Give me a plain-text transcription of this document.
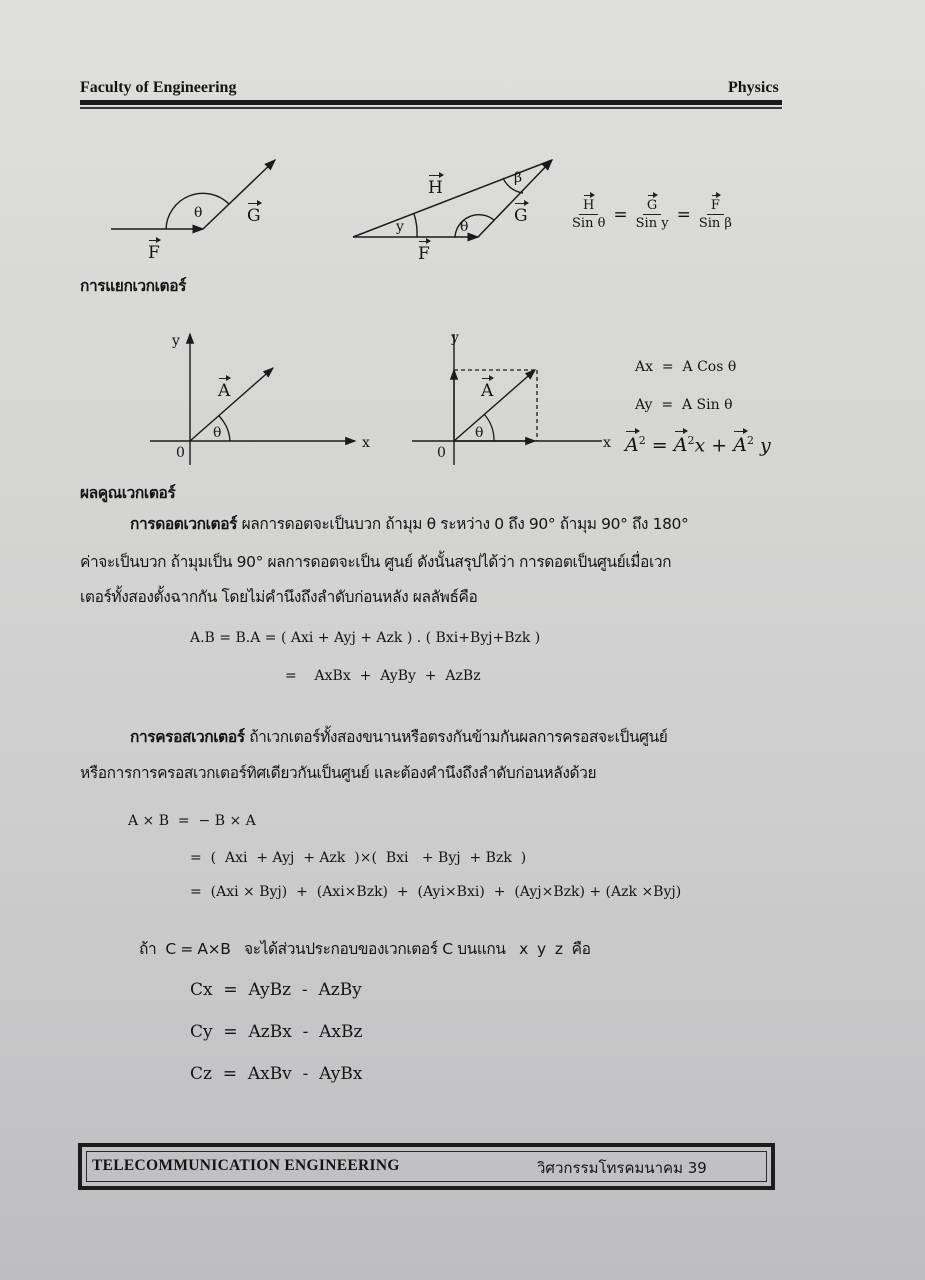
Faculty of Engineering	Physics
θ	G
F
H
y	θ
β
G
F
$\frac{H}{\text{Sin θ}} = \frac{G}{\text{Sin y}} = \frac{F}{\text{Sin β}}$
การแยกเวกเตอร์
y
x
0
A
θ
y
x
0
A
θ
Ax  =  A Cos θ
Ay  =  A Sin θ
$A^2 = A^2x + A^2$ y
ผลคูณเวกเตอร์
การดอตเวกเตอร์ ผลการดอตจะเป็นบวก ถ้ามุม θ ระหว่าง 0 ถึง 90° ถ้ามุม 90° ถึง 180°
ค่าจะเป็นบวก ถ้ามุมเป็น 90° ผลการดอตจะเป็น ศูนย์ ดังนั้นสรุปได้ว่า การดอตเป็นศูนย์เมื่อเวก
เตอร์ทั้งสองตั้งฉากกัน โดยไม่คำนึงถึงลำดับก่อนหลัง ผลลัพธ์คือ
A.B = B.A = ( Axi + Ayj + Azk ) . ( Bxi+Byj+Bzk )
=    AxBx  +  AyBy  +  AzBz
การครอสเวกเตอร์ ถ้าเวกเตอร์ทั้งสองขนานหรือตรงกันข้ามกันผลการครอสจะเป็นศูนย์
หรือการการครอสเวกเตอร์ทิศเดียวกันเป็นศูนย์ และต้องคำนึงถึงลำดับก่อนหลังด้วย
A × B  =  − B × A
=  (  Axi  + Ayj  + Azk  )×(  Bxi   + Byj  + Bzk  )
=  (Axi × Byj)  +  (Axi×Bzk)  +  (Ayi×Bxi)  +  (Ayj×Bzk) + (Azk ×Byj)
ถ้า  C = A×B   จะได้ส่วนประกอบของเวกเตอร์ C บนแกน   x  y  z  คือ
Cx  =  AyBz  -  AzBy
Cy  =  AzBx  -  AxBz
Cz  =  AxBv  -  AyBx
TELECOMMUNICATION ENGINEERING	วิศวกรรมโทรคมนาคม 39
